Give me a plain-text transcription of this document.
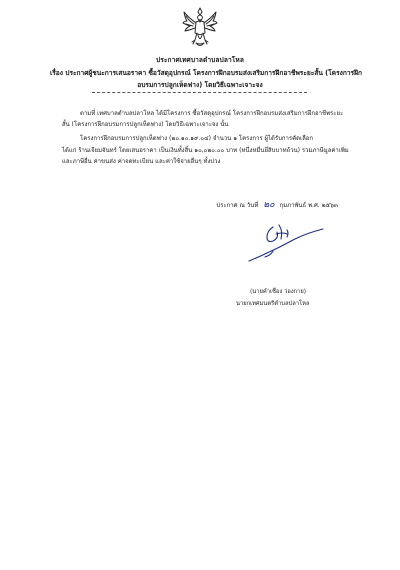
ประกาศเทศบาลตำบลปลาโหล
เรื่อง ประกาศผู้ชนะการเสนอราคา ซื้อวัสดุอุปกรณ์ โครงการฝึกอบรมส่งเสริมการฝึกอาชีพระยะสั้น (โครงการฝึก
อบรมการปลูกเห็ดฟาง) โดยวิธีเฉพาะเจาะจง
ตามที่ เทศบาลตำบลปลาโหล ได้มีโครงการ ซื้อวัสดุอุปกรณ์ โครงการฝึกอบรมส่งเสริมการฝึกอาชีพระยะ
สั้น (โครงการฝึกอบรมการปลูกเห็ดฟาง) โดยวิธีเฉพาะเจาะจง นั้น
โครงการฝึกอบรมการปลูกเห็ดฟาง (๒๐.๑๐.๑๙.๐๔) จำนวน ๑ โครงการ ผู้ได้รับการคัดเลือก
ได้แก่ ร้านเจียมจันทร์ โดยเสนอราคา เป็นเงินทั้งสิ้น ๑๐,๐๒๐.๐๐ บาท (หนึ่งหมื่นยี่สิบบาทถ้วน) รวมภาษีมูลค่าเพิ่ม
และภาษีอื่น ค่าขนส่ง ค่าจดทะเบียน และค่าใช้จ่ายอื่นๆ ทั้งปวง
ประกาศ ณ วันที่ ๒๐ กุมภาพันธ์ พ.ศ. ๒๕๖๓
(นายคำเชื่อง ว่องกาย)
นายกเทศมนตรีตำบลปลาโหล
